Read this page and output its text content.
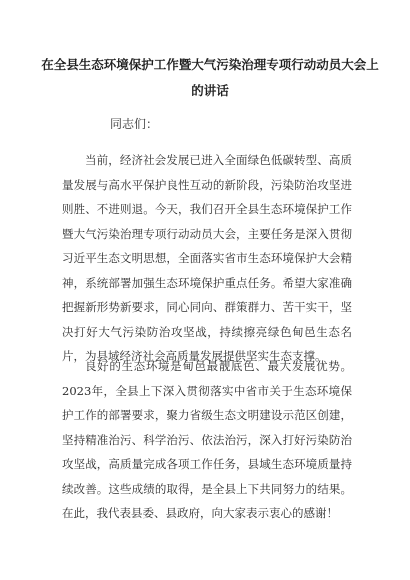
在全县生态环境保护工作暨大气污染治理专项行动动员大会上的讲话
同志们：

当前，经济社会发展已进入全面绿色低碳转型、高质量发展与高水平保护良性互动的新阶段，污染防治攻坚进则胜、不进则退。今天，我们召开全县生态环境保护工作暨大气污染治理专项行动动员大会，主要任务是深入贯彻习近平生态文明思想，全面落实省市生态环境保护大会精神，系统部署加强生态环境保护重点任务。希望大家准确把握新形势新要求，同心同向、群策群力、苦干实干，坚决打好大气污染防治攻坚战，持续擦亮绿色甸邑生态名片，为县域经济社会高质量发展提供坚实生态支撑。

良好的生态环境是甸邑最靓底色、最大发展优势。2023年，全县上下深入贯彻落实中省市关于生态环境保护工作的部署要求，聚力省级生态文明建设示范区创建，坚持精准治污、科学治污、依法治污，深入打好污染防治攻坚战，高质量完成各项工作任务，县域生态环境质量持续改善。这些成绩的取得，是全县上下共同努力的结果。在此，我代表县委、县政府，向大家表示衷心的感谢！
